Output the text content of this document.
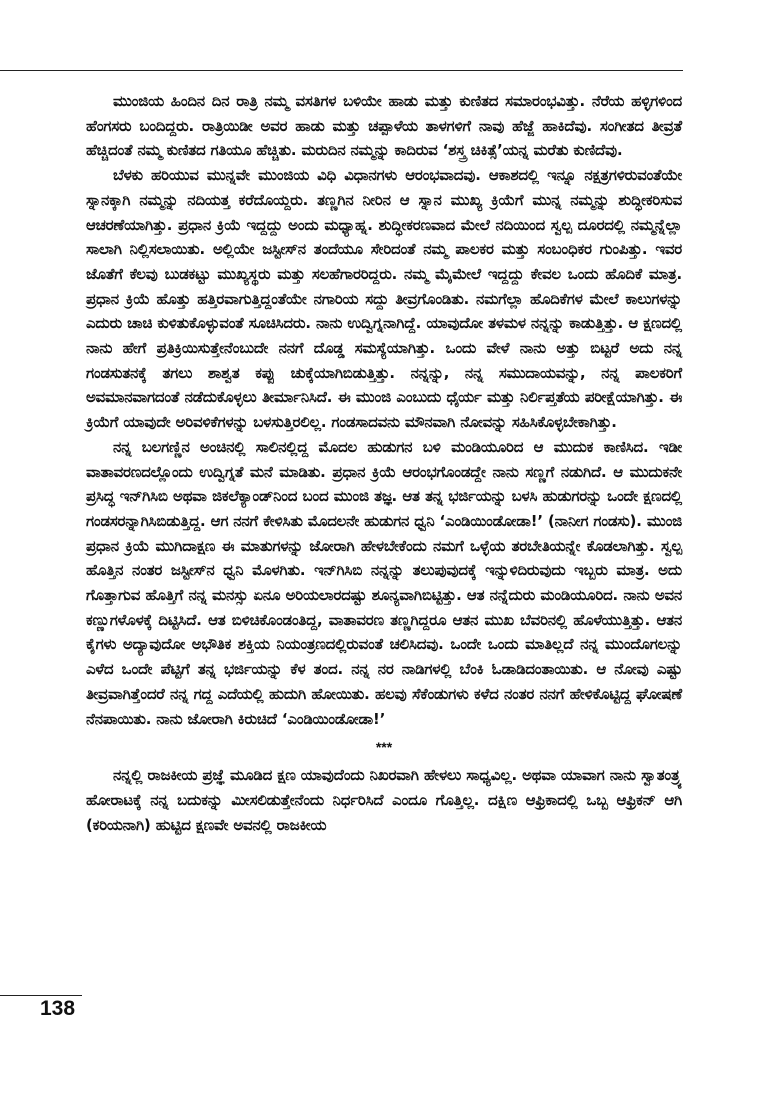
ಮುಂಜಿಯ ಹಿಂದಿನ ದಿನ ರಾತ್ರಿ ನಮ್ಮ ವಸತಿಗಳ ಬಳಿಯೇ ಹಾಡು ಮತ್ತು ಕುಣಿತದ ಸಮಾರಂಭವಿತ್ತು. ನೆರೆಯ ಹಳ್ಳಿಗಳಿಂದ ಹೆಂಗಸರು ಬಂದಿದ್ದರು. ರಾತ್ರಿಯಿಡೀ ಅವರ ಹಾಡು ಮತ್ತು ಚಪ್ಪಾಳೆಯ ತಾಳಗಳಿಗೆ ನಾವು ಹೆಜ್ಜೆ ಹಾಕಿದೆವು. ಸಂಗೀತದ ತೀವ್ರತೆ ಹೆಚ್ಚಿದಂತೆ ನಮ್ಮ ಕುಣಿತದ ಗತಿಯೂ ಹೆಚ್ಚಿತು. ಮರುದಿನ ನಮ್ಮನ್ನು ಕಾದಿರುವ ‘ಶಸ್ತ್ರ ಚಿಕಿತ್ಸೆ’ಯನ್ನ ಮರೆತು ಕುಣಿದೆವು.

ಬೆಳಕು ಹರಿಯುವ ಮುನ್ನವೇ ಮುಂಜಿಯ ವಿಧಿ ವಿಧಾನಗಳು ಆರಂಭವಾದವು. ಆಕಾಶದಲ್ಲಿ ಇನ್ನೂ ನಕ್ಷತ್ರಗಳಿರುವಂತೆಯೇ ಸ್ನಾನಕ್ಕಾಗಿ ನಮ್ಮನ್ನು ನದಿಯತ್ತ ಕರೆದೊಯ್ದರು. ತಣ್ಣಗಿನ ನೀರಿನ ಆ ಸ್ನಾನ ಮುಖ್ಯ ಕ್ರಿಯೆಗೆ ಮುನ್ನ ನಮ್ಮನ್ನು ಶುದ್ಧೀಕರಿಸುವ ಆಚರಣೆಯಾಗಿತ್ತು. ಪ್ರಧಾನ ಕ್ರಿಯೆ ಇದ್ದದ್ದು ಅಂದು ಮಧ್ಯಾಹ್ನ. ಶುದ್ಧೀಕರಣವಾದ ಮೇಲೆ ನದಿಯಿಂದ ಸ್ವಲ್ಪ ದೂರದಲ್ಲಿ ನಮ್ಮನ್ನೆಲ್ಲಾ ಸಾಲಾಗಿ ನಿಲ್ಲಿಸಲಾಯಿತು. ಅಲ್ಲಿಯೇ ಜಸ್ಟೀಸ್‌ನ ತಂದೆಯೂ ಸೇರಿದಂತೆ ನಮ್ಮ ಪಾಲಕರ ಮತ್ತು ಸಂಬಂಧಿಕರ ಗುಂಪಿತ್ತು. ಇವರ ಜೊತೆಗೆ ಕೆಲವು ಬುಡಕಟ್ಟು ಮುಖ್ಯಸ್ಥರು ಮತ್ತು ಸಲಹೆಗಾರರಿದ್ದರು. ನಮ್ಮ ಮೈಮೇಲೆ ಇದ್ದದ್ದು ಕೇವಲ ಒಂದು ಹೊದಿಕೆ ಮಾತ್ರ. ಪ್ರಧಾನ ಕ್ರಿಯೆ ಹೊತ್ತು ಹತ್ತಿರವಾಗುತ್ತಿದ್ದಂತೆಯೇ ನಗಾರಿಯ ಸದ್ದು ತೀವ್ರಗೊಂಡಿತು. ನಮಗೆಲ್ಲಾ ಹೊದಿಕೆಗಳ ಮೇಲೆ ಕಾಲುಗಳನ್ನು ಎದುರು ಚಾಚಿ ಕುಳಿತುಕೊಳ್ಳುವಂತೆ ಸೂಚಿಸಿದರು. ನಾನು ಉದ್ವಿಗ್ನನಾಗಿದ್ದೆ. ಯಾವುದೋ ತಳಮಳ ನನ್ನನ್ನು ಕಾಡುತ್ತಿತ್ತು. ಆ ಕ್ಷಣದಲ್ಲಿ ನಾನು ಹೇಗೆ ಪ್ರತಿಕ್ರಿಯಿಸುತ್ತೇನೆಂಬುದೇ ನನಗೆ ದೊಡ್ಡ ಸಮಸ್ಯೆಯಾಗಿತ್ತು. ಒಂದು ವೇಳೆ ನಾನು ಅತ್ತು ಬಿಟ್ಟರೆ ಅದು ನನ್ನ ಗಂಡಸುತನಕ್ಕೆ ತಗಲು ಶಾಶ್ವತ ಕಪ್ಪು ಚುಕ್ಕೆಯಾಗಿಬಿಡುತ್ತಿತ್ತು. ನನ್ನನ್ನು, ನನ್ನ ಸಮುದಾಯವನ್ನು, ನನ್ನ ಪಾಲಕರಿಗೆ ಅವಮಾನವಾಗದಂತೆ ನಡೆದುಕೊಳ್ಳಲು ತೀರ್ಮಾನಿಸಿದೆ. ಈ ಮುಂಜಿ ಎಂಬುದು ಧೈರ್ಯ ಮತ್ತು ನಿರ್ಲಿಪ್ತತೆಯ ಪರೀಕ್ಷೆಯಾಗಿತ್ತು. ಈ ಕ್ರಿಯೆಗೆ ಯಾವುದೇ ಅರಿವಳಿಕೆಗಳನ್ನು ಬಳಸುತ್ತಿರಲಿಲ್ಲ. ಗಂಡಸಾದವನು ಮೌನವಾಗಿ ನೋವನ್ನು ಸಹಿಸಿಕೊಳ್ಳಬೇಕಾಗಿತ್ತು.

ನನ್ನ ಬಲಗಣ್ಣಿನ ಅಂಚಿನಲ್ಲಿ ಸಾಲಿನಲ್ಲಿದ್ದ ಮೊದಲ ಹುಡುಗನ ಬಳಿ ಮಂಡಿಯೂರಿದ ಆ ಮುದುಕ ಕಾಣಿಸಿದ. ಇಡೀ ವಾತಾವರಣದಲ್ಲೊಂದು ಉದ್ವಿಗ್ನತೆ ಮನೆ ಮಾಡಿತು. ಪ್ರಧಾನ ಕ್ರಿಯೆ ಆರಂಭಗೊಂಡದ್ದೇ ನಾನು ಸಣ್ಣಗೆ ನಡುಗಿದೆ. ಆ ಮುದುಕನೇ ಪ್ರಸಿದ್ಧ ಇನ್‌ಗಿಸಿಬಿ ಅಥವಾ ಜಿಕಲೆಕ್ಯಾಂಡ್‌ನಿಂದ ಬಂದ ಮುಂಜಿ ತಜ್ಞ. ಆತ ತನ್ನ ಭರ್ಜಿಯನ್ನು ಬಳಸಿ ಹುಡುಗರನ್ನು ಒಂದೇ ಕ್ಷಣದಲ್ಲಿ ಗಂಡಸರನ್ನಾಗಿಸಿಬಿಡುತ್ತಿದ್ದ. ಆಗ ನನಗೆ ಕೇಳಿಸಿತು ಮೊದಲನೇ ಹುಡುಗನ ಧ್ವನಿ ‘ಎಂಡಿಯಿಂಡೋಡಾ!’ (ನಾನೀಗ ಗಂಡಸು). ಮುಂಜಿ ಪ್ರಧಾನ ಕ್ರಿಯೆ ಮುಗಿದಾಕ್ಷಣ ಈ ಮಾತುಗಳನ್ನು ಜೋರಾಗಿ ಹೇಳಬೇಕೆಂದು ನಮಗೆ ಒಳ್ಳೆಯ ತರಬೇತಿಯನ್ನೇ ಕೊಡಲಾಗಿತ್ತು. ಸ್ವಲ್ಪ ಹೊತ್ತಿನ ನಂತರ ಜಸ್ಟೀಸ್‌ನ ಧ್ವನಿ ಮೊಳಗಿತು. ಇನ್‌ಗಿಸಿಬಿ ನನ್ನನ್ನು ತಲುಪುವುದಕ್ಕೆ ಇನ್ನುಳಿದಿರುವುದು ಇಬ್ಬರು ಮಾತ್ರ. ಅದು ಗೊತ್ತಾಗುವ ಹೊತ್ತಿಗೆ ನನ್ನ ಮನಸ್ಸು ಏನೂ ಅರಿಯಲಾರದಷ್ಟು ಶೂನ್ಯವಾಗಿಬಿಟ್ಟಿತ್ತು. ಆತ ನನ್ನೆದುರು ಮಂಡಿಯೂರಿದ. ನಾನು ಅವನ ಕಣ್ಣುಗಳೊಳಕ್ಕೆ ದಿಟ್ಟಿಸಿದೆ. ಆತ ಬಿಳಿಚಿಕೊಂಡಂತಿದ್ದ, ವಾತಾವರಣ ತಣ್ಣಗಿದ್ದರೂ ಆತನ ಮುಖ ಬೆವರಿನಲ್ಲಿ ಹೊಳೆಯುತ್ತಿತ್ತು. ಆತನ ಕೈಗಳು ಅದ್ಯಾವುದೋ ಅಭೌತಿಕ ಶಕ್ತಿಯ ನಿಯಂತ್ರಣದಲ್ಲಿರುವಂತೆ ಚಲಿಸಿದವು. ಒಂದೇ ಒಂದು ಮಾತಿಲ್ಲದೆ ನನ್ನ ಮುಂದೊಗಲನ್ನು ಎಳೆದ ಒಂದೇ ಪೆಟ್ಟಿಗೆ ತನ್ನ ಭರ್ಜಿಯನ್ನು ಕೆಳ ತಂದ. ನನ್ನ ನರ ನಾಡಿಗಳಲ್ಲಿ ಬೆಂಕಿ ಓಡಾಡಿದಂತಾಯಿತು. ಆ ನೋವು ಎಷ್ಟು ತೀವ್ರವಾಗಿತ್ತೆಂದರೆ ನನ್ನ ಗದ್ದ ಎದೆಯಲ್ಲಿ ಹುದುಗಿ ಹೋಯಿತು. ಹಲವು ಸೆಕೆಂಡುಗಳು ಕಳೆದ ನಂತರ ನನಗೆ ಹೇಳಿಕೊಟ್ಟಿದ್ದ ಘೋಷಣೆ ನೆನಪಾಯಿತು. ನಾನು ಜೋರಾಗಿ ಕಿರುಚಿದೆ ‘ಎಂಡಿಯಿಂಡೋಡಾ!’

***

ನನ್ನಲ್ಲಿ ರಾಜಕೀಯ ಪ್ರಜ್ಞೆ ಮೂಡಿದ ಕ್ಷಣ ಯಾವುದೆಂದು ನಿಖರವಾಗಿ ಹೇಳಲು ಸಾಧ್ಯವಿಲ್ಲ. ಅಥವಾ ಯಾವಾಗ ನಾನು ಸ್ವಾತಂತ್ರ್ಯ ಹೋರಾಟಕ್ಕೆ ನನ್ನ ಬದುಕನ್ನು ಮೀಸಲಿಡುತ್ತೇನೆಂದು ನಿರ್ಧರಿಸಿದೆ ಎಂದೂ ಗೊತ್ತಿಲ್ಲ. ದಕ್ಷಿಣ ಆಫ್ರಿಕಾದಲ್ಲಿ ಒಬ್ಬ ಆಫ್ರಿಕನ್ ಆಗಿ (ಕರಿಯನಾಗಿ) ಹುಟ್ಟಿದ ಕ್ಷಣವೇ ಅವನಲ್ಲಿ ರಾಜಕೀಯ

138
